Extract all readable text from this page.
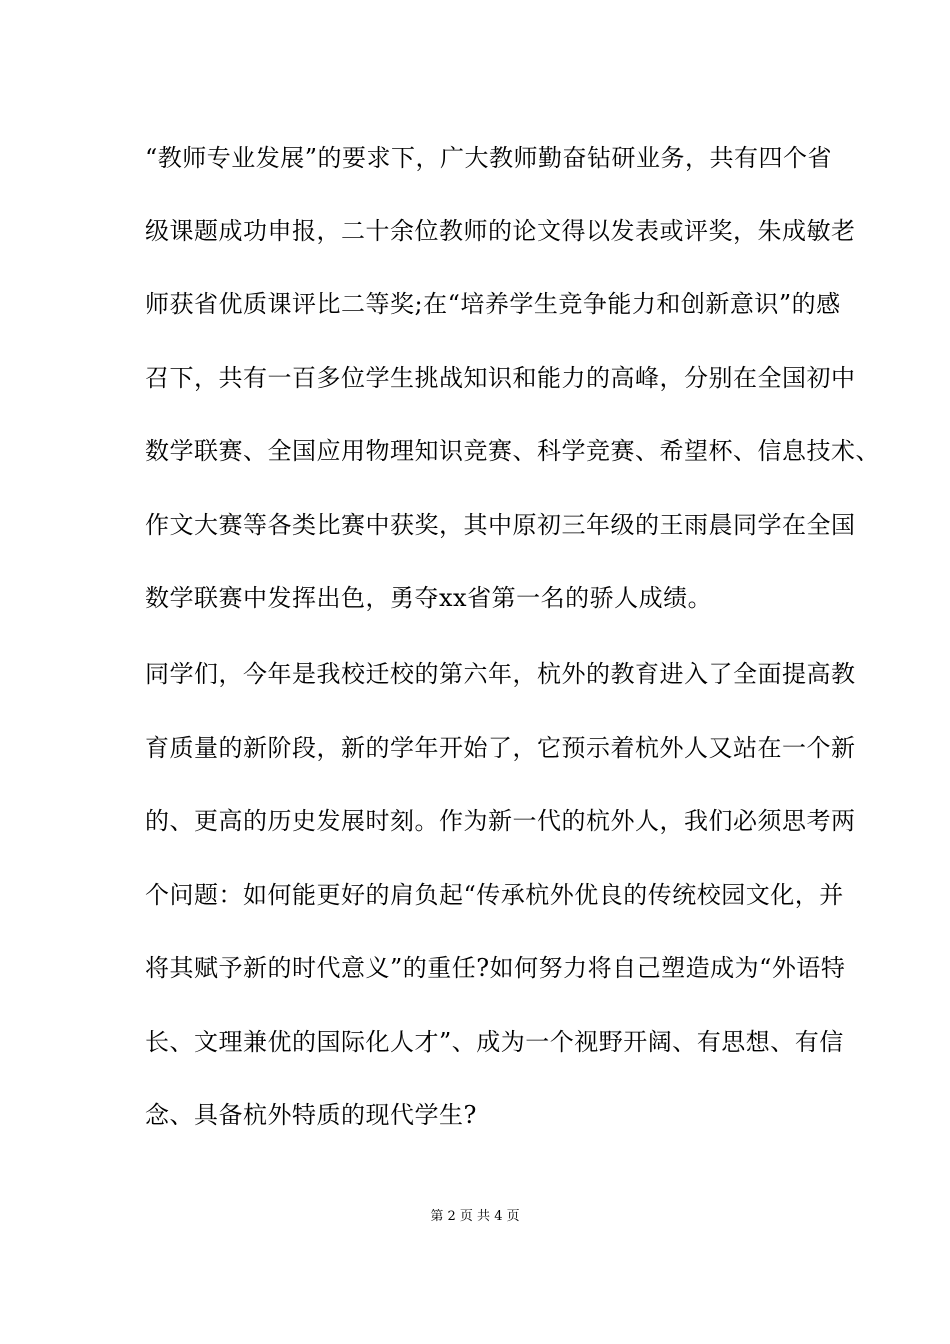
“教师专业发展”的要求下，广大教师勤奋钻研业务，共有四个省
级课题成功申报，二十余位教师的论文得以发表或评奖，朱成敏老
师获省优质课评比二等奖;在“培养学生竞争能力和创新意识”的感
召下，共有一百多位学生挑战知识和能力的高峰，分别在全国初中
数学联赛、全国应用物理知识竞赛、科学竞赛、希望杯、信息技术、
作文大赛等各类比赛中获奖，其中原初三年级的王雨晨同学在全国
数学联赛中发挥出色，勇夺xx省第一名的骄人成绩。
同学们，今年是我校迁校的第六年，杭外的教育进入了全面提高教
育质量的新阶段，新的学年开始了，它预示着杭外人又站在一个新
的、更高的历史发展时刻。作为新一代的杭外人，我们必须思考两
个问题：如何能更好的肩负起“传承杭外优良的传统校园文化，并
将其赋予新的时代意义”的重任?如何努力将自己塑造成为“外语特
长、文理兼优的国际化人才”、成为一个视野开阔、有思想、有信
念、具备杭外特质的现代学生?
第 2 页 共 4 页
